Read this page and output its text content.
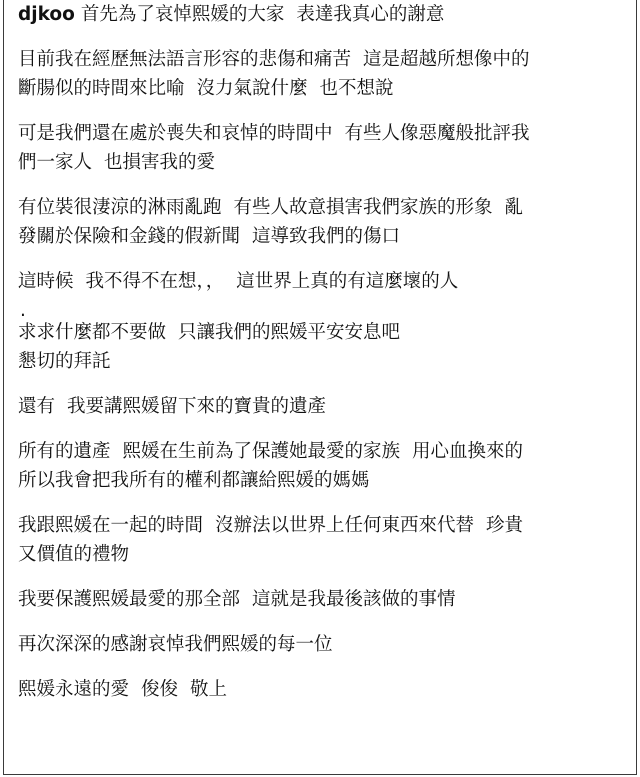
djkoo 首先為了哀悼熙媛的大家 表達我真心的謝意
目前我在經歷無法語言形容的悲傷和痛苦 這是超越所想像中的
斷腸似的時間來比喻 沒力氣說什麼 也不想說
可是我們還在處於喪失和哀悼的時間中 有些人像惡魔般批評我
們一家人 也損害我的愛
有位裝很淒涼的淋雨亂跑 有些人故意損害我們家族的形象 亂
發關於保險和金錢的假新聞 這導致我們的傷口
這時候 我不得不在想，， 這世界上真的有這麼壞的人
.
求求什麼都不要做 只讓我們的熙媛平安安息吧
懇切的拜託
還有 我要講熙媛留下來的寶貴的遺產
所有的遺產 熙媛在生前為了保護她最愛的家族 用心血換來的
所以我會把我所有的權利都讓給熙媛的媽媽
我跟熙媛在一起的時間 沒辦法以世界上任何東西來代替 珍貴
又價值的禮物
我要保護熙媛最愛的那全部 這就是我最後該做的事情
再次深深的感謝哀悼我們熙媛的每一位
熙媛永遠的愛 俊俊 敬上
